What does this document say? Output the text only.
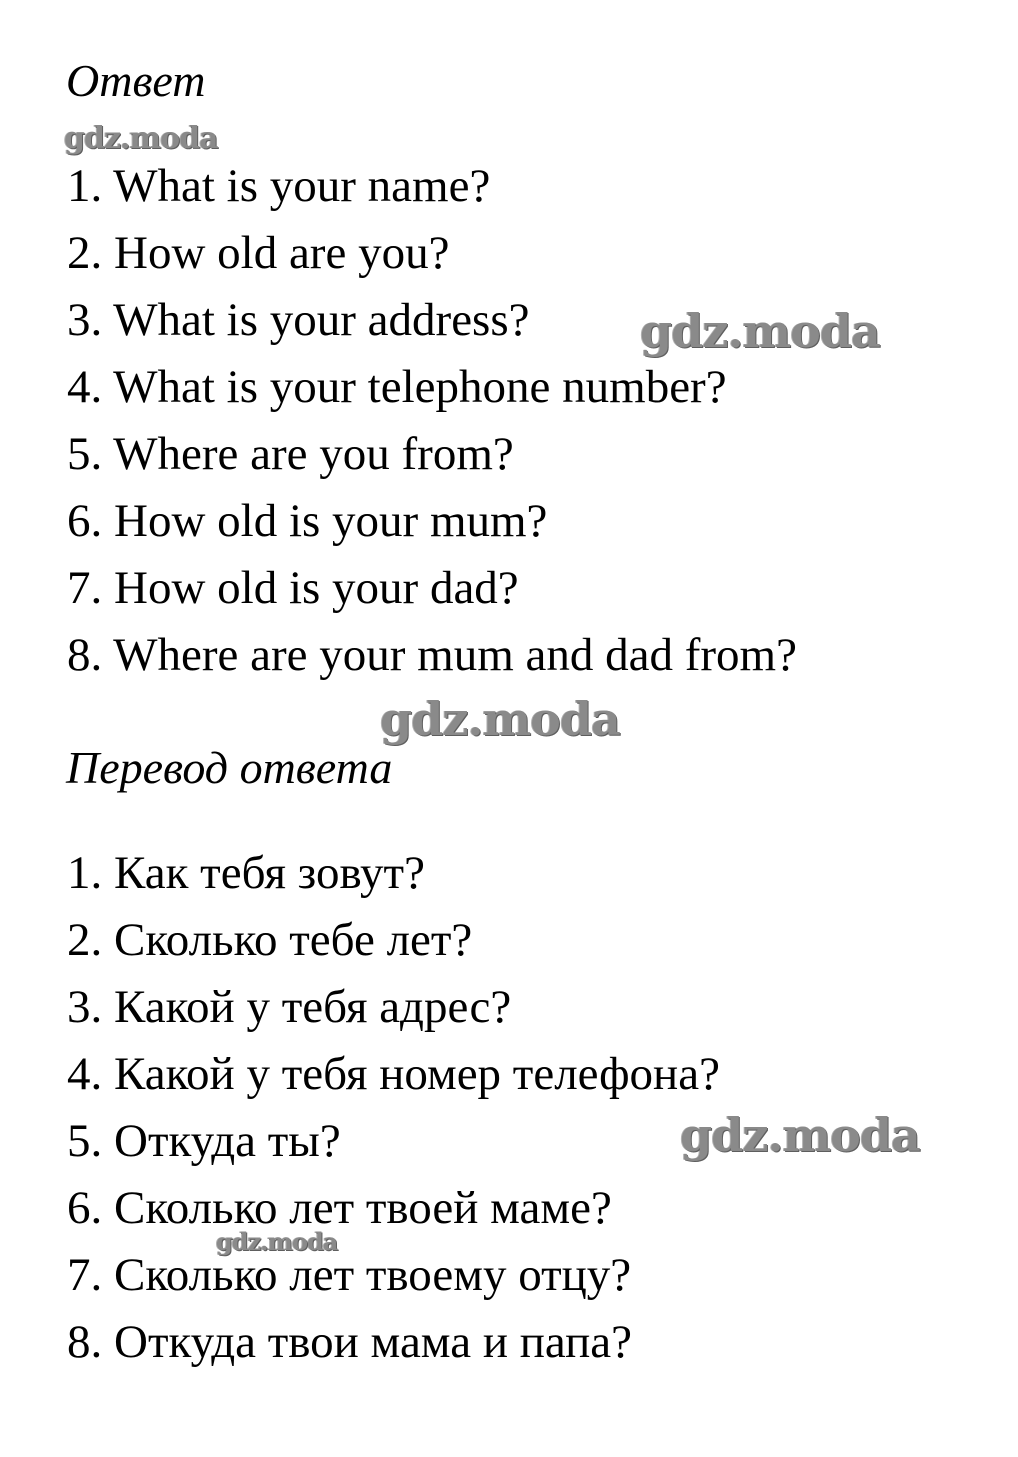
Ответ
1. What is your name?
2. How old are you?
3. What is your address?
4. What is your telephone number?
5. Where are you from?
6. How old is your mum?
7. How old is your dad?
8. Where are your mum and dad from?
Перевод ответа
1. Как тебя зовут?
2. Сколько тебе лет?
3. Какой у тебя адрес?
4. Какой у тебя номер телефона?
5. Откуда ты?
6. Сколько лет твоей маме?
7. Сколько лет твоему отцу?
8. Откуда твои мама и папа?
gdz.moda
gdz.moda
gdz.moda
gdz.moda
gdz.moda
